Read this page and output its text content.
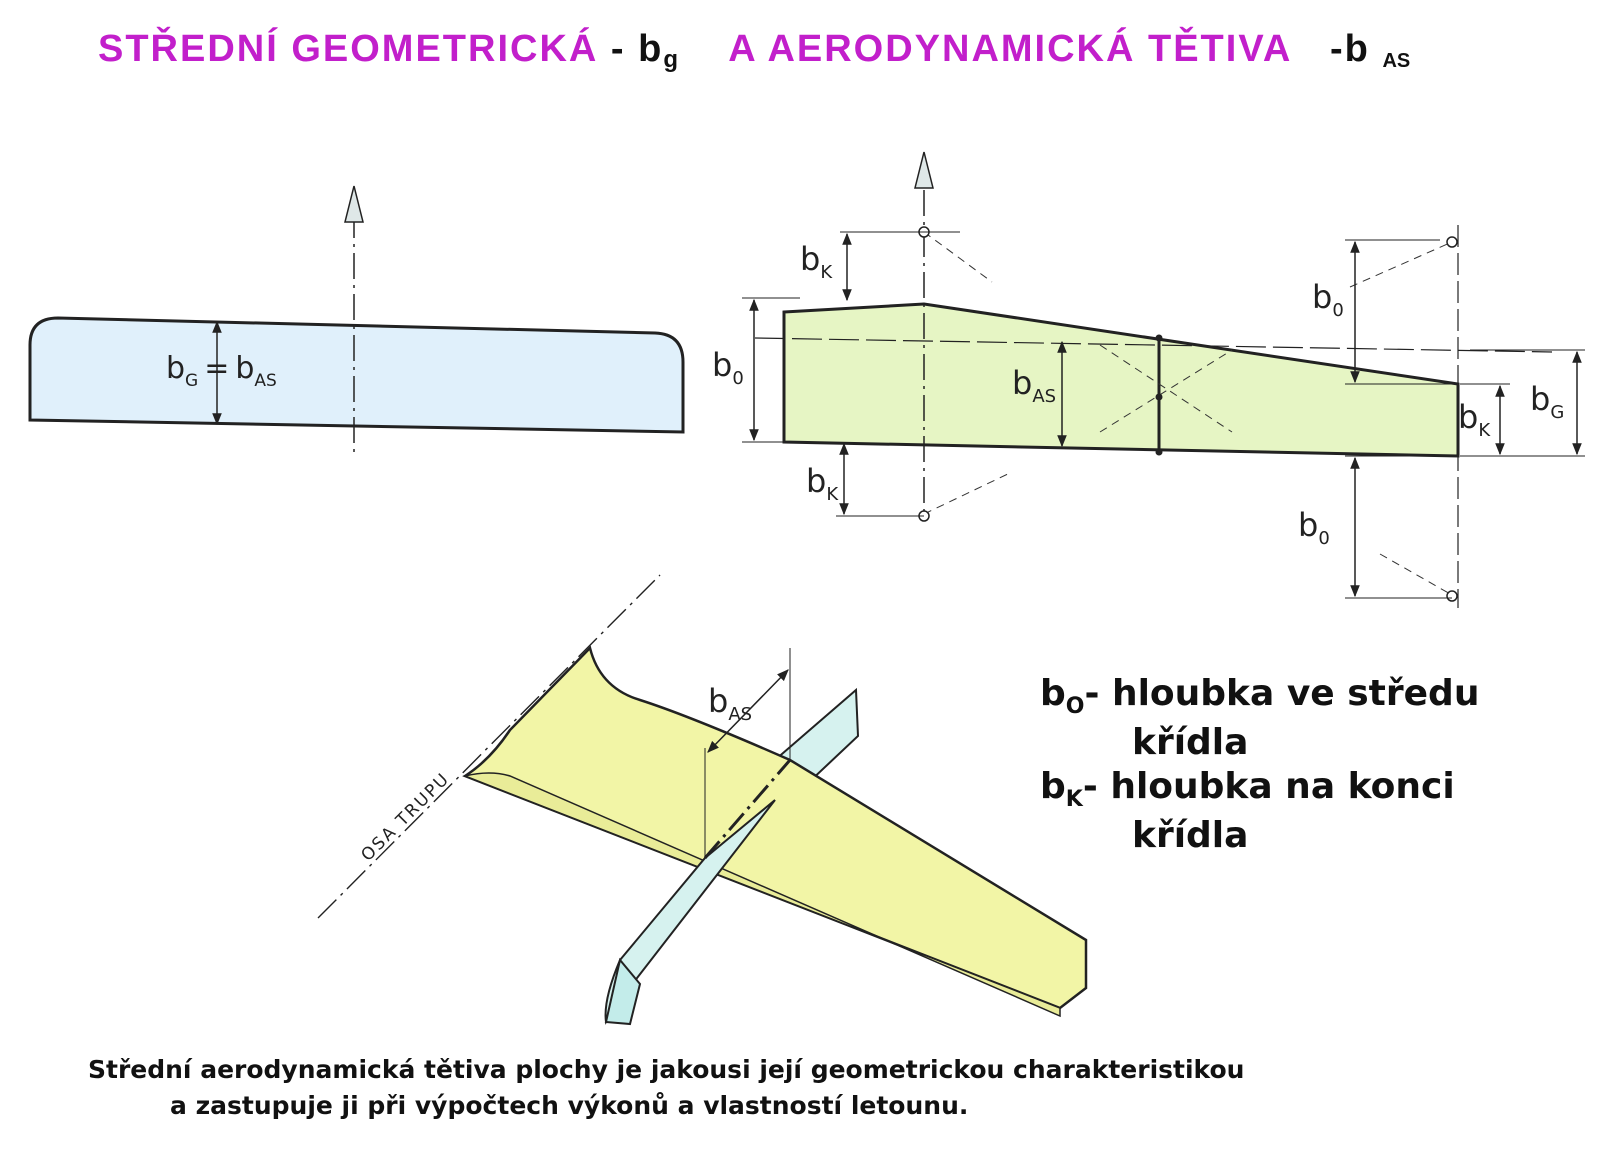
STŘEDNÍ GEOMETRICKÁ - bg A AERODYNAMICKÁ TĚTIVA -b AS
$b_G = b_{AS}$
$b_K$
$b_0$	$b_{AS}$
$b_K$
$b_0$
$b_K$
$b_G$
$b_0$
$b_{AS}$
OSA TRUPU
$b_O-$ hloubka ve středu
křídla
$b_K-$ hloubka na konci
křídla
Střední aerodynamická tětiva plochy je jakousi její geometrickou charakteristikou
a zastupuje ji při výpočtech výkonů a vlastností letounu.
